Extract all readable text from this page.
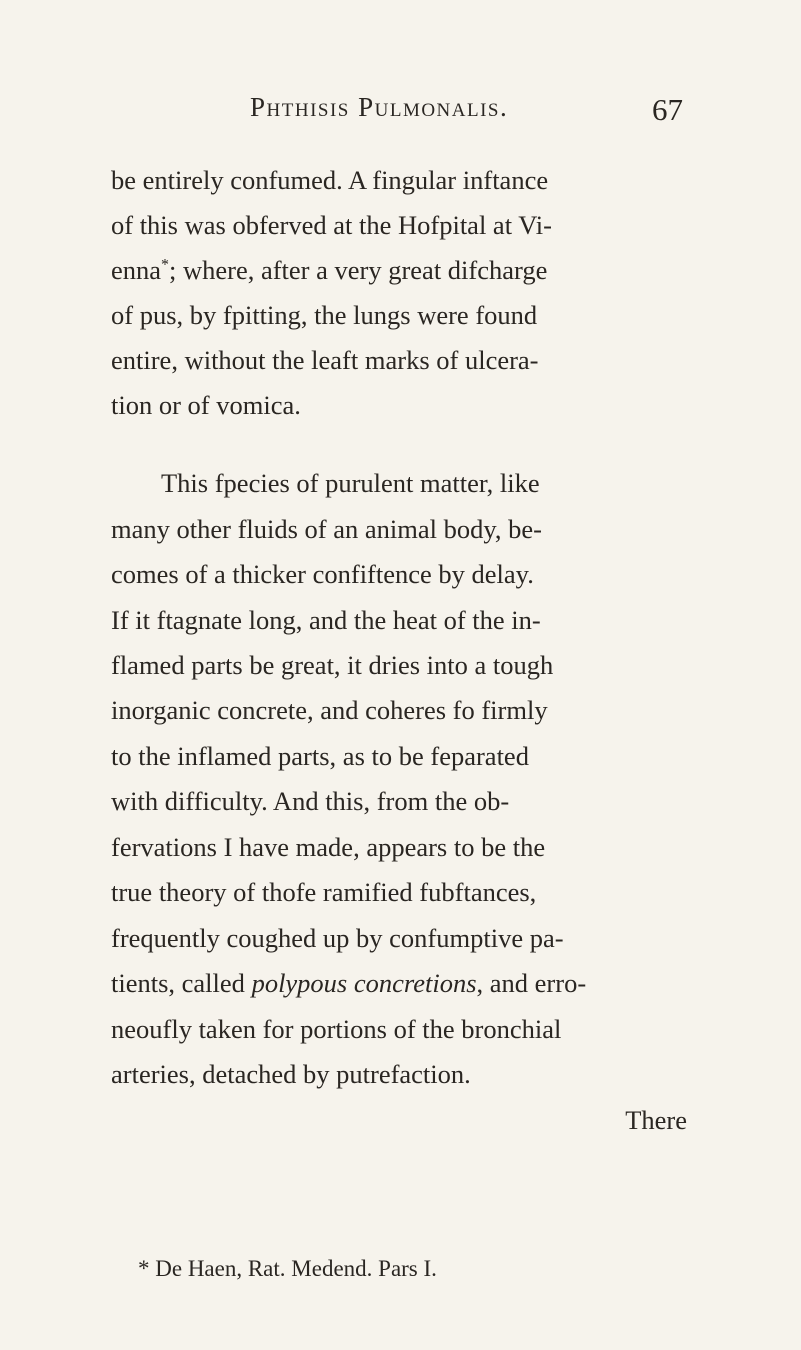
Phthisis Pulmonalis.	67
be entirely confumed. A fingular inftance
of this was obferved at the Hofpital at Vi-
enna*; where, after a very great difcharge
of pus, by fpitting, the lungs were found
entire, without the leaft marks of ulcera-
tion or of vomica.
This fpecies of purulent matter, like
many other fluids of an animal body, be-
comes of a thicker confiftence by delay.
If it ftagnate long, and the heat of the in-
flamed parts be great, it dries into a tough
inorganic concrete, and coheres fo firmly
to the inflamed parts, as to be feparated
with difficulty. And this, from the ob-
fervations I have made, appears to be the
true theory of thofe ramified fubftances,
frequently coughed up by confumptive pa-
tients, called polypous concretions, and erro-
neoufly taken for portions of the bronchial
arteries, detached by putrefaction.
There
* De Haen, Rat. Medend. Pars I.
